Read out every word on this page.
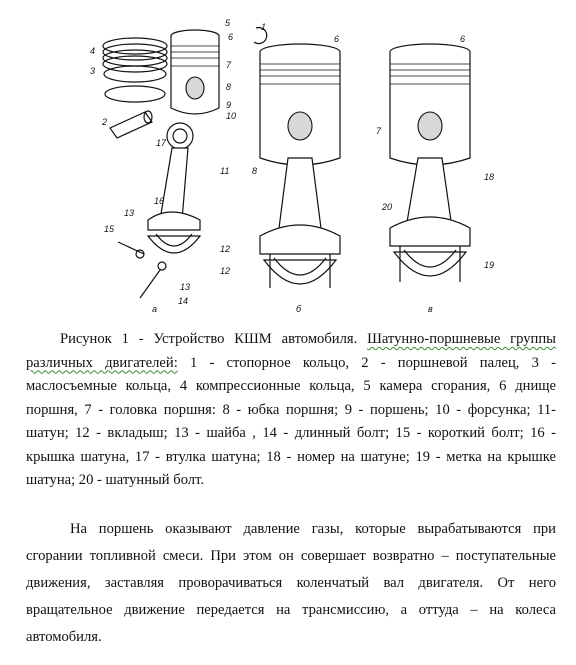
1
2
3
4
5
6
7
8
9
10
11
12
13
14
15
16
17
18
19
20
12
13
6
8
6
7
а	б	в
Рисунок 1 - Устройство КШМ автомобиля. Шатунно-поршневые группы различных двигателей: 1 - стопорное кольцо, 2 - поршневой палец, 3 - маслосъемные кольца, 4 компрессионные кольца, 5 камера сгорания, 6 днище поршня, 7 - головка поршня: 8 - юбка поршня; 9 - поршень; 10 - форсунка; 11- шатун; 12 - вкладыш; 13 - шайба , 14 - длинный болт; 15 - короткий болт; 16 - крышка шатуна, 17 - втулка шатуна; 18 - номер на шатуне; 19 - метка на крышке шатуна; 20 - шатунный болт.
На поршень оказывают давление газы, которые вырабатываются при сгорании топливной смеси. При этом он совершает возвратно – поступательные движения, заставляя проворачиваться коленчатый вал двигателя. От него вращательное движение передается на трансмиссию, а оттуда – на колеса автомобиля.
